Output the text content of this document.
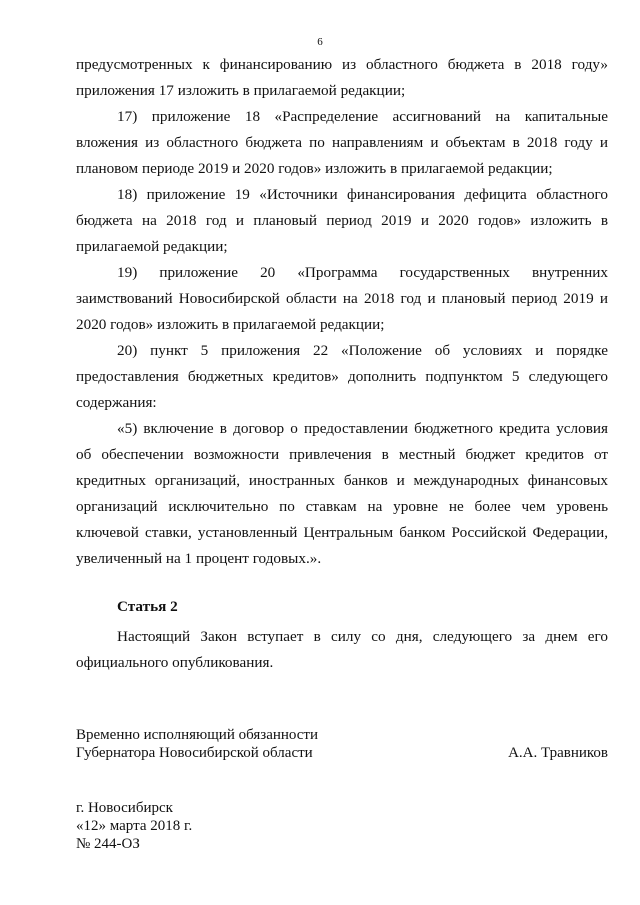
6

предусмотренных к финансированию из областного бюджета в 2018 году» приложения 17 изложить в прилагаемой редакции;

17) приложение 18 «Распределение ассигнований на капитальные вложения из областного бюджета по направлениям и объектам в 2018 году и плановом периоде 2019 и 2020 годов» изложить в прилагаемой редакции;

18) приложение 19 «Источники финансирования дефицита областного бюджета на 2018 год и плановый период 2019 и 2020 годов» изложить в прилагаемой редакции;

19) приложение 20 «Программа государственных внутренних заимствований Новосибирской области на 2018 год и плановый период 2019 и 2020 годов» изложить в прилагаемой редакции;

20) пункт 5 приложения 22 «Положение об условиях и порядке предоставления бюджетных кредитов» дополнить подпунктом 5 следующего содержания:

«5) включение в договор о предоставлении бюджетного кредита условия об обеспечении возможности привлечения в местный бюджет кредитов от кредитных организаций, иностранных банков и международных финансовых организаций исключительно по ставкам на уровне не более чем уровень ключевой ставки, установленный Центральным банком Российской Федерации, увеличенный на 1 процент годовых.».

Статья 2

Настоящий Закон вступает в силу со дня, следующего за днем его официального опубликования.

Временно исполняющий обязанности
Губернатора Новосибирской области	А.А. Травников
г. Новосибирск
«12» марта 2018 г.
№ 244-ОЗ
